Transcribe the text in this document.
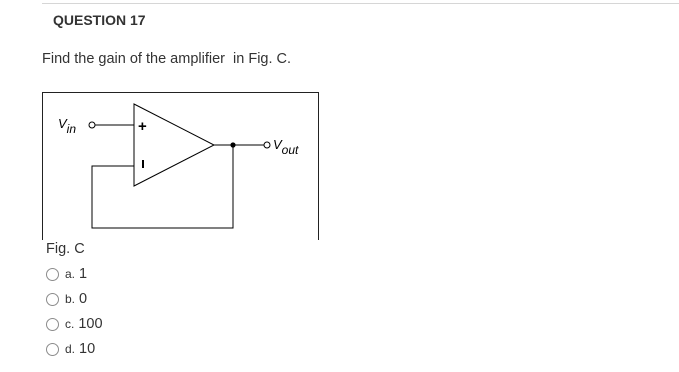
QUESTION 17
Find the gain of the amplifier  in Fig. C.
Vin	+
Vout
Fig. C
a. 1
b. 0
c. 100
d. 10
